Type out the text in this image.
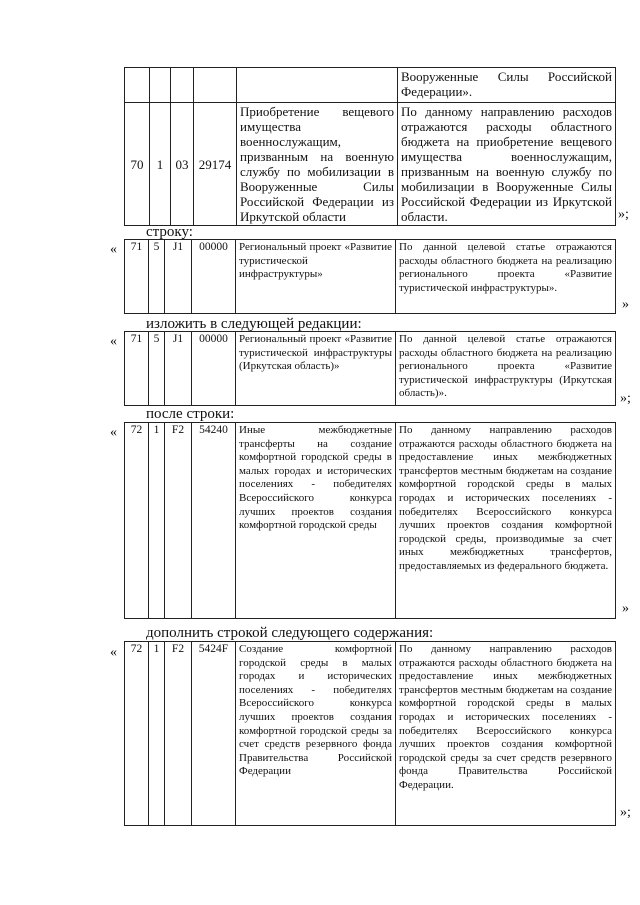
					Вооруженные Силы Российской Федерации».
70	1	03	29174	Приобретение вещевого имущества военнослужащим, призванным на военную службу по мобилизации в Вооруженные Силы Российской Федерации из Иркутской области	По данному направлению расходов отражаются расходы областного бюджета на приобретение вещевого имущества военнослужащим, призванным на военную службу по мобилизации в Вооруженные Силы Российской Федерации из Иркутской области.	»;
строку:
« 71	5	J1	00000	Региональный проект «Развитие туристической инфраструктуры»	По данной целевой статье отражаются расходы областного бюджета на реализацию регионального проекта «Развитие туристической инфраструктуры».
»
изложить в следующей редакции:
« 71	5	J1	00000	Региональный проект «Развитие туристической инфраструктуры (Иркутская область)»	По данной целевой статье отражаются расходы областного бюджета на реализацию регионального проекта «Развитие туристической инфраструктуры (Иркутская область)».	»;
после строки:
« 72	1	F2	54240	Иные межбюджетные трансферты на создание комфортной городской среды в малых городах и исторических поселениях - победителях Всероссийского конкурса лучших проектов создания комфортной городской среды	По данному направлению расходов отражаются расходы областного бюджета на предоставление иных межбюджетных трансфертов местным бюджетам на создание комфортной городской среды в малых городах и исторических поселениях - победителях Всероссийского конкурса лучших проектов создания комфортной городской среды, производимые за счет иных межбюджетных трансфертов, предоставляемых из федерального бюджета.
»
дополнить строкой следующего содержания:
« 72	1	F2	5424F	Создание комфортной городской среды в малых городах и исторических поселениях - победителях Всероссийского конкурса лучших проектов создания комфортной городской среды за счет средств резервного фонда Правительства Российской Федерации	По данному направлению расходов отражаются расходы областного бюджета на предоставление иных межбюджетных трансфертов местным бюджетам на создание комфортной городской среды в малых городах и исторических поселениях - победителях Всероссийского конкурса лучших проектов создания комфортной городской среды за счет средств резервного фонда Правительства Российской Федерации.
»;
